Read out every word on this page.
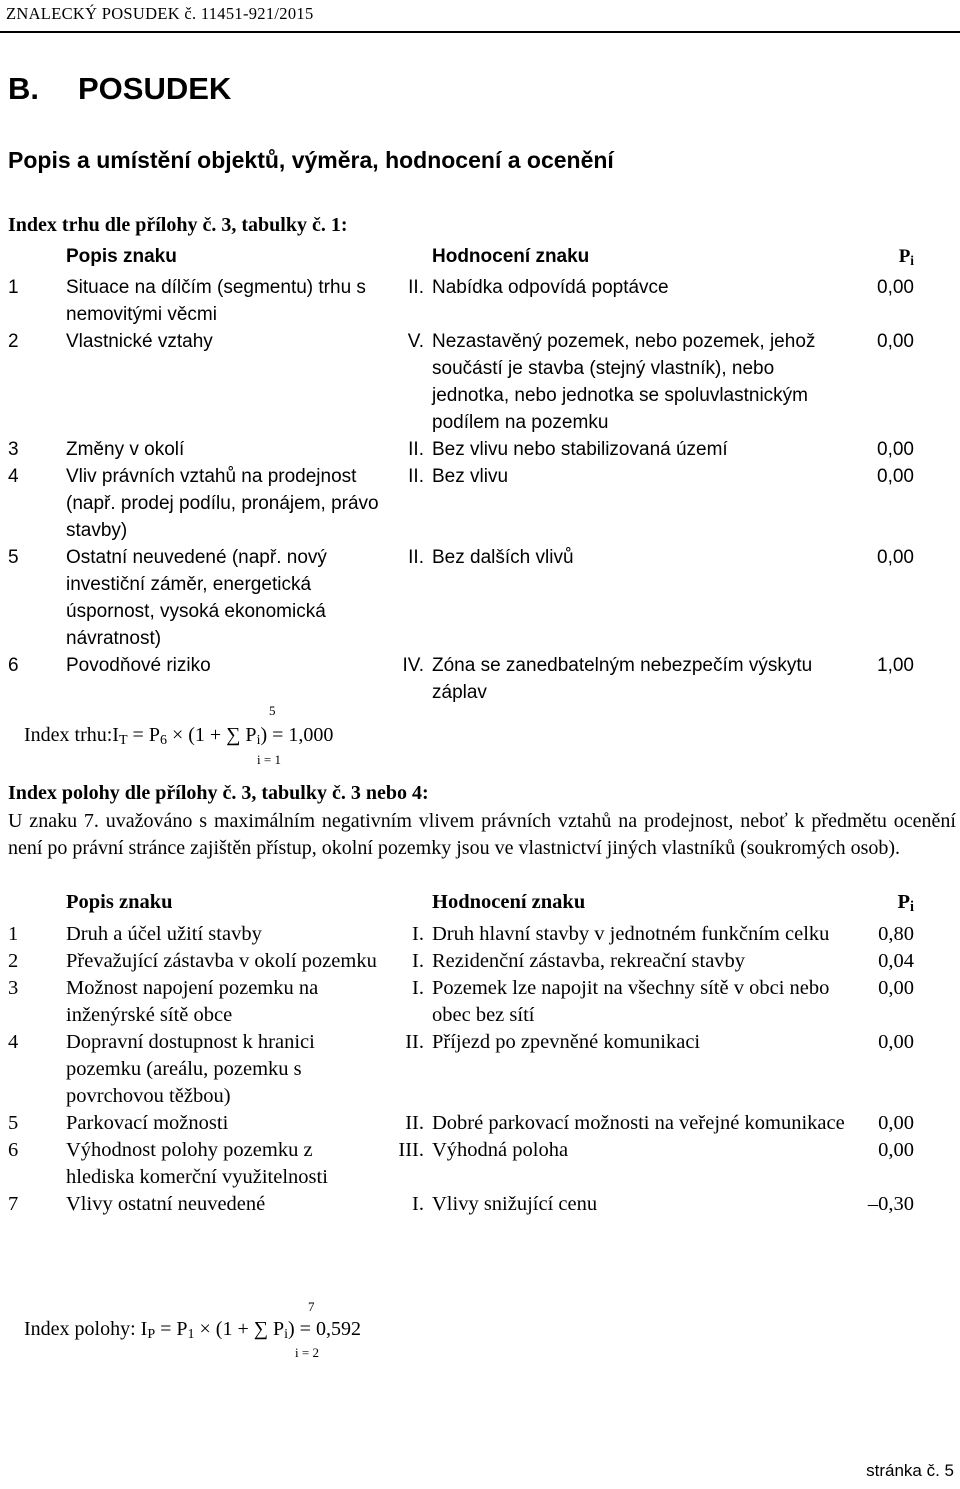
ZNALECKÝ POSUDEK č. 11451-921/2015
B. POSUDEK
Popis a umístění objektů, výměra, hodnocení a ocenění
Index trhu dle přílohy č. 3, tabulky č. 1:
	Popis znaku		Hodnocení znaku	$P_i$
1	Situace na dílčím (segmentu) trhu s nemovitými věcmi	II.	Nabídka odpovídá poptávce	0,00
2	Vlastnické vztahy	V.	Nezastavěný pozemek, nebo pozemek, jehož součástí je stavba (stejný vlastník), nebo jednotka, nebo jednotka se spoluvlastnickým podílem na pozemku	0,00
3	Změny v okolí	II.	Bez vlivu nebo stabilizovaná území	0,00
4	Vliv právních vztahů na prodejnost (např. prodej podílu, pronájem, právo stavby)	II.	Bez vlivu	0,00
5	Ostatní neuvedené (např. nový investiční záměr, energetická úspornost, vysoká ekonomická návratnost)	II.	Bez dalších vlivů	0,00
6	Povodňové riziko	IV.	Zóna se zanedbatelným nebezpečím výskytu záplav	1,00
5
Index $trhu:I_T = P_6 \times (1$ + ∑ $P_i) = 1,000$
i = 1
Index polohy dle přílohy č. 3, tabulky č. 3 nebo 4:
U znaku 7. uvažováno s maximálním negativním vlivem právních vztahů na prodejnost, neboť k předmětu ocenění není po právní stránce zajištěn přístup, okolní pozemky jsou ve vlastnictví jiných vlastníků (soukromých osob).
	Popis znaku		Hodnocení znaku	$P_i$
1	Druh a účel užití stavby	I.	Druh hlavní stavby v jednotném funkčním celku	0,80
2	Převažující zástavba v okolí pozemku	I.	Rezidenční zástavba, rekreační stavby	0,04
3	Možnost napojení pozemku na inženýrské sítě obce	I.	Pozemek lze napojit na všechny sítě v obci nebo obec bez sítí	0,00
4	Dopravní dostupnost k hranici pozemku (areálu, pozemku s povrchovou těžbou)	II.	Příjezd po zpevněné komunikaci	0,00
5	Parkovací možnosti	II.	Dobré parkovací možnosti na veřejné komunikace	0,00
6	Výhodnost polohy pozemku z hlediska komerční využitelnosti	III.	Výhodná poloha	0,00
7	Vlivy ostatní neuvedené	I.	Vlivy snižující cenu	–0,30
7
Index polohy: $I_P = P_1 \times (1$ + ∑ $P_i) = 0,592$
i = 2
stránka č. 5
